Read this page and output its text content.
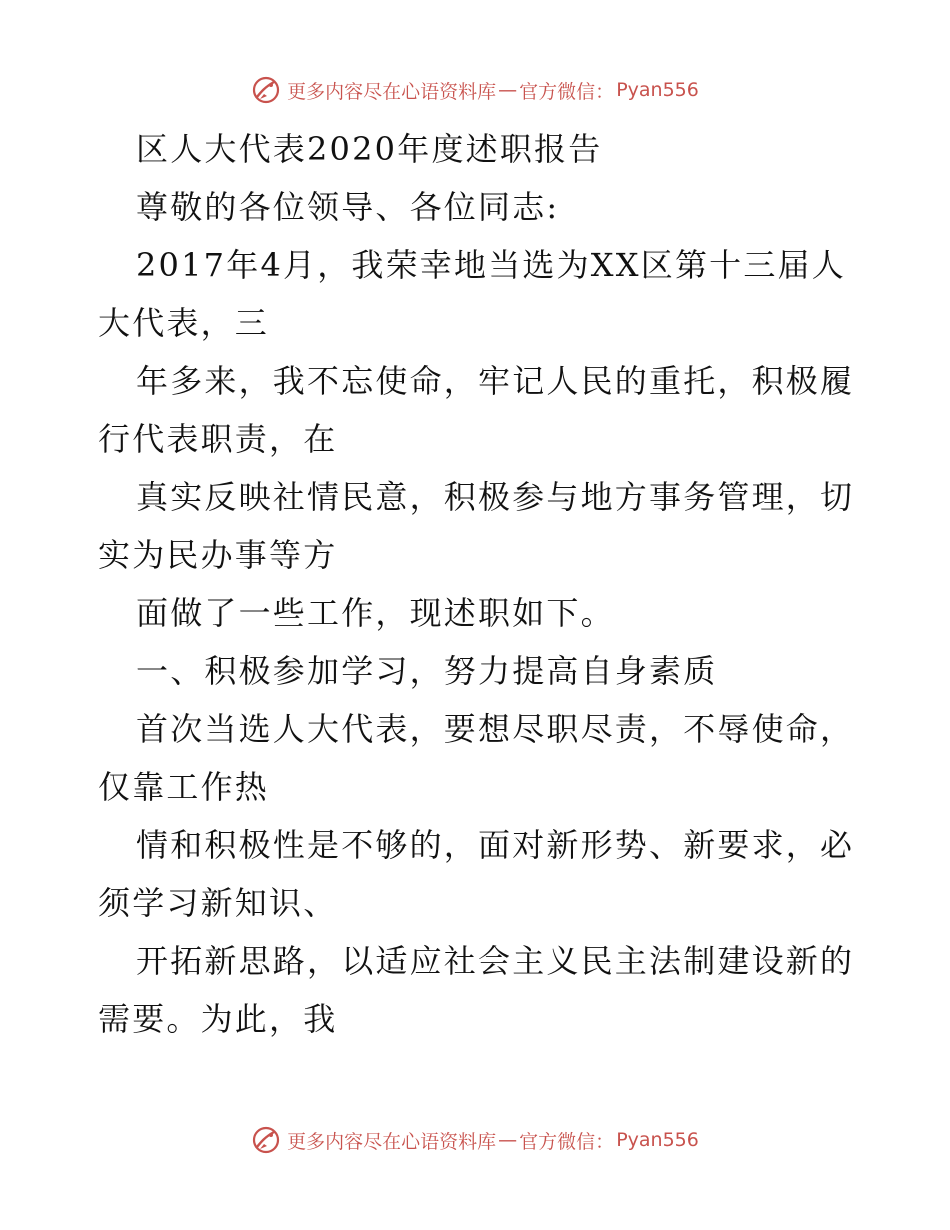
更多内容尽在心语资料库 — 官方微信： Pyan556
区人大代表2020年度述职报告
尊敬的各位领导、各位同志:
2017年4月，我荣幸地当选为XX区第十三届人
大代表，三
年多来，我不忘使命，牢记人民的重托，积极履
行代表职责，在
真实反映社情民意，积极参与地方事务管理，切
实为民办事等方
面做了一些工作，现述职如下。
一、积极参加学习，努力提高自身素质
首次当选人大代表，要想尽职尽责，不辱使命，
仅靠工作热
情和积极性是不够的，面对新形势、新要求，必
须学习新知识、
开拓新思路，以适应社会主义民主法制建设新的
需要。为此，我
更多内容尽在心语资料库 — 官方微信： Pyan556
